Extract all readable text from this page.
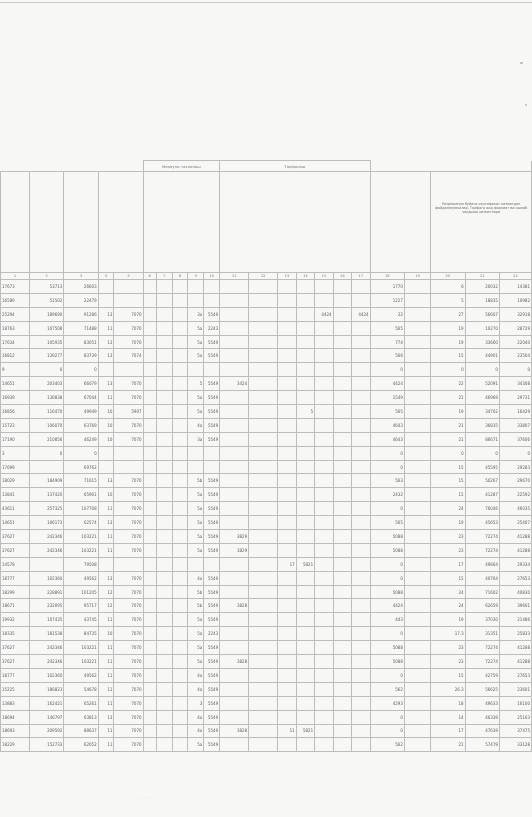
					Мазмуни тахлилаш					Тоифалаш											

																			Разрешения бўйича сертификат хизматдан фойдаланувчилар, Тоифага оид фаолият ва ишлаб чиқариш хизматлари		

1	2	3	4	5	6	7	8	9	10	11	12	13	14	15	16	17	18	19	20	21	22
17673	53713	26603															1770		6	20032	14381
16589	51502	22479															1227		5	18835	10982
25294	189690	91286	13	7070				3a	5549					4424		4424	22		27	56607	32918
18763	107508	71488	11	7070				5a	2243								565		19	10270	28729
17634	105935	83051	13	7070				5a	5549								774		19	33660	22040
16812	139277	83739	13	7074				5a	5549								566		15	44901	23504
9	0	0															0		0	0	0
14651	203403	66079	13	7070				5	5549	3424							4424		22	52091	34308
16939	136838	67044	11	7070				5a	5549								1549		21	46969	29731
16856	116470	49949	10	5907				5a	5549				5				565		19	34702	16429
15723	106070	63769	10	7070				4a	5549								4643		21	36835	33807
17190	210856	46249	10	7070				3a	5549								4643		21	86671	37606
3	0	0															0		0	0	0
17699		69762															0		15	45595	29283
18029	184909	71615	13	7070				5b	5549								563		15	50267	29670
13841	137420	65961	10	7070				5a	5549								2432		15	41287	22592
43611	257325	107708	11	7070				5a	5549								0		24	76046	46035
14651	106173	62574	13	7070				5a	5549								565		19	45653	25407
37627	242346	103221	11	7070				5a	5549	3829							5088		23	72274	41288
37627	242346	103221	11	7070				5a	5549	3829							5088		23	72274	41288
14578		79508										17	5821				0		17	49664	29334
18777	102360	49562	13	7070				4a	5549								0		15	40764	27653
18299	228891	101205	12	7070				5b	5549								5088		24	71602	40830
18671	232095	95717	12	7070				5b	5549	3828							4424		24	62659	39601
19932	107435	43745	11	7070				5a	5549								443		19	37030	21486
18335	181538	84735	10	7070				5a	2243								0		17.3	31351	25833
37627	242346	103221	11	7070				5a	5549								5088		23	72274	41288
37627	242346	103221	11	7070				5a	5549	3828							5088		23	72274	41288
18777	102360	49562	11	7070				4a	5549								0		15	42759	27653
15225	186823	54678	11	7070				4a	5549								562		26.3	56625	23601
13883	162421	65261	11	7070				3	5549								4293		18	49633	16100
18694	146797	63813	13	7070				4a	5549								0		14	46339	25163
18693	209592	88637	11	7070				4a	5549	3828		11	5821				0		17	47639	37475
18229	152733	62052	11	7070				5a	5549								562		21	57479	33128
· ·· ·
